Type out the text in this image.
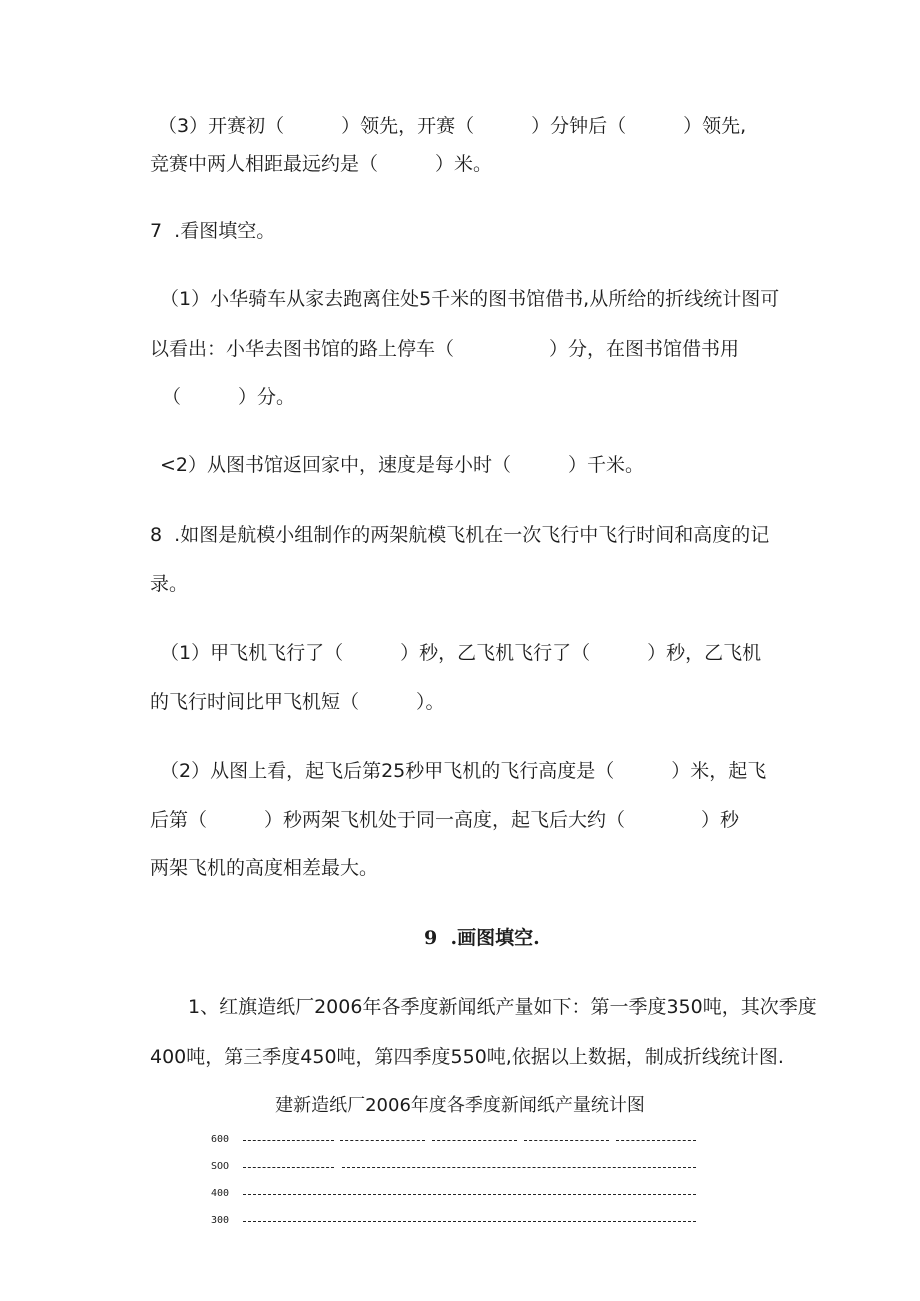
（3）开赛初（　　　）领先，开赛（　　　）分钟后（　　　）领先,
竞赛中两人相距最远约是（　　　）米。
7  .看图填空。
（1）小华骑车从家去跑离住处5千米的图书馆借书,从所给的折线统计图可
以看出：小华去图书馆的路上停车（　　　　　）分，在图书馆借书用
（　　　）分。
<2）从图书馆返回家中，速度是每小时（　　　）千米。
8  .如图是航模小组制作的两架航模飞机在一次飞行中飞行时间和高度的记
录。
（1）甲飞机飞行了（　　　）秒，乙飞机飞行了（　　　）秒，乙飞机
的飞行时间比甲飞机短（　　　）。
（2）从图上看，起飞后第25秒甲飞机的飞行高度是（　　　）米，起飞
后第（　　　）秒两架飞机处于同一高度，起飞后大约（　　　　）秒
两架飞机的高度相差最大。
9  .画图填空.
1、红旗造纸厂2006年各季度新闻纸产量如下：第一季度350吨，其次季度
400吨，第三季度450吨，第四季度550吨,依据以上数据，制成折线统计图.
建新造纸厂2006年度各季度新闻纸产量统计图
600
SOO
400
300
